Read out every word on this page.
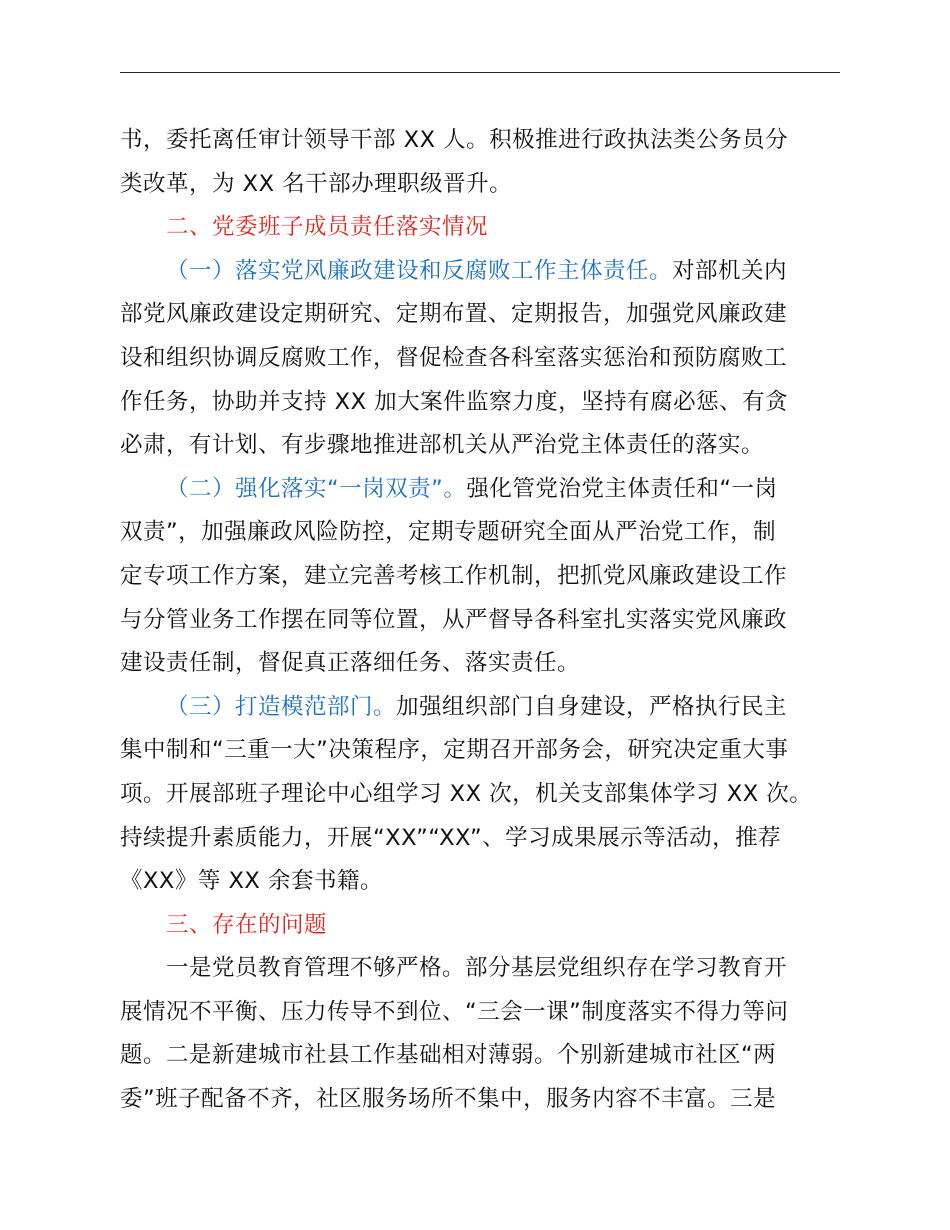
书，委托离任审计领导干部 XX 人。积极推进行政执法类公务员分
类改革，为 XX 名干部办理职级晋升。
二、党委班子成员责任落实情况
（一）落实党风廉政建设和反腐败工作主体责任。对部机关内
部党风廉政建设定期研究、定期布置、定期报告，加强党风廉政建
设和组织协调反腐败工作，督促检查各科室落实惩治和预防腐败工
作任务，协助并支持 XX 加大案件监察力度，坚持有腐必惩、有贪
必肃，有计划、有步骤地推进部机关从严治党主体责任的落实。
（二）强化落实“一岗双责”。强化管党治党主体责任和“一岗
双责”，加强廉政风险防控，定期专题研究全面从严治党工作，制
定专项工作方案，建立完善考核工作机制，把抓党风廉政建设工作
与分管业务工作摆在同等位置，从严督导各科室扎实落实党风廉政
建设责任制，督促真正落细任务、落实责任。
（三）打造模范部门。加强组织部门自身建设，严格执行民主
集中制和“三重一大”决策程序，定期召开部务会，研究决定重大事
项。开展部班子理论中心组学习 XX 次，机关支部集体学习 XX 次。
持续提升素质能力，开展“XX”“XX”、学习成果展示等活动，推荐
《XX》等 XX 余套书籍。
三、存在的问题
一是党员教育管理不够严格。部分基层党组织存在学习教育开
展情况不平衡、压力传导不到位、“三会一课”制度落实不得力等问
题。二是新建城市社县工作基础相对薄弱。个别新建城市社区“两
委”班子配备不齐，社区服务场所不集中，服务内容不丰富。三是
